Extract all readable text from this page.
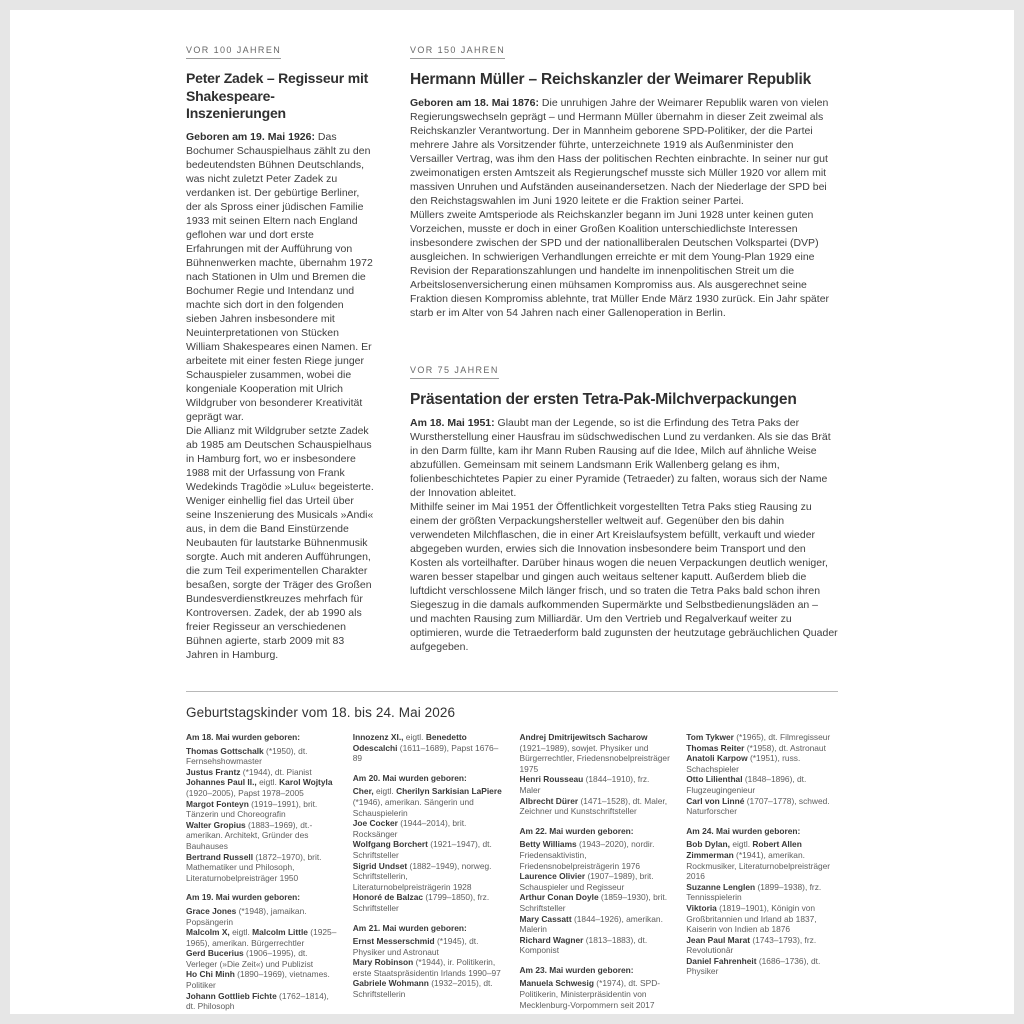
VOR 100 JAHREN
Peter Zadek – Regisseur mit Shakespeare-Inszenierungen

Geboren am 19. Mai 1926: Das Bochumer Schauspielhaus zählt zu den bedeutendsten Bühnen Deutschlands, was nicht zuletzt Peter Zadek zu verdanken ist. Der gebürtige Berliner, der als Spross einer jüdischen Familie 1933 mit seinen Eltern nach England geflohen war und dort erste Erfahrungen mit der Aufführung von Bühnenwerken machte, übernahm 1972 nach Stationen in Ulm und Bremen die Bochumer Regie und Intendanz und machte sich dort in den folgenden sieben Jahren insbesondere mit Neuinterpretationen von Stücken William Shakespeares einen Namen. Er arbeitete mit einer festen Riege junger Schauspieler zusammen, wobei die kongeniale Kooperation mit Ulrich Wildgruber von besonderer Kreativität geprägt war.

Die Allianz mit Wildgruber setzte Zadek ab 1985 am Deutschen Schauspielhaus in Hamburg fort, wo er insbesondere 1988 mit der Urfassung von Frank Wedekinds Tragödie »Lulu« begeisterte. Weniger einhellig fiel das Urteil über seine Inszenierung des Musicals »Andi« aus, in dem die Band Einstürzende Neubauten für lautstarke Bühnenmusik sorgte. Auch mit anderen Aufführungen, die zum Teil experimentellen Charakter besaßen, sorgte der Träger des Großen Bundesverdienstkreuzes mehrfach für Kontroversen. Zadek, der ab 1990 als freier Regisseur an verschiedenen Bühnen agierte, starb 2009 mit 83 Jahren in Hamburg.

VOR 150 JAHREN
Hermann Müller – Reichskanzler der Weimarer Republik

Geboren am 18. Mai 1876: Die unruhigen Jahre der Weimarer Republik waren von vielen Regierungswechseln geprägt – und Hermann Müller übernahm in dieser Zeit zweimal als Reichskanzler Verantwortung. Der in Mannheim geborene SPD-Politiker, der die Partei mehrere Jahre als Vorsitzender führte, unterzeichnete 1919 als Außenminister den Versailler Vertrag, was ihm den Hass der politischen Rechten einbrachte. In seiner nur gut zweimonatigen ersten Amtszeit als Regierungschef musste sich Müller 1920 vor allem mit massiven Unruhen und Aufständen auseinandersetzen. Nach der Niederlage der SPD bei den Reichstagswahlen im Juni 1920 leitete er die Fraktion seiner Partei.

Müllers zweite Amtsperiode als Reichskanzler begann im Juni 1928 unter keinen guten Vorzeichen, musste er doch in einer Großen Koalition unterschiedlichste Interessen insbesondere zwischen der SPD und der nationalliberalen Deutschen Volkspartei (DVP) ausgleichen. In schwierigen Verhandlungen erreichte er mit dem Young-Plan 1929 eine Revision der Reparationszahlungen und handelte im innenpolitischen Streit um die Arbeitslosenversicherung einen mühsamen Kompromiss aus. Als ausgerechnet seine Fraktion diesen Kompromiss ablehnte, trat Müller Ende März 1930 zurück. Ein Jahr später starb er im Alter von 54 Jahren nach einer Gallenoperation in Berlin.

VOR 75 JAHREN
Präsentation der ersten Tetra-Pak-Milchverpackungen

Am 18. Mai 1951: Glaubt man der Legende, so ist die Erfindung des Tetra Paks der Wurstherstellung einer Hausfrau im südschwedischen Lund zu verdanken. Als sie das Brät in den Darm füllte, kam ihr Mann Ruben Rausing auf die Idee, Milch auf ähnliche Weise abzufüllen. Gemeinsam mit seinem Landsmann Erik Wallenberg gelang es ihm, folienbeschichtetes Papier zu einer Pyramide (Tetraeder) zu falten, woraus sich der Name der Innovation ableitet.

Mithilfe seiner im Mai 1951 der Öffentlichkeit vorgestellten Tetra Paks stieg Rausing zu einem der größten Verpackungshersteller weltweit auf. Gegenüber den bis dahin verwendeten Milchflaschen, die in einer Art Kreislaufsystem befüllt, verkauft und wieder abgegeben wurden, erwies sich die Innovation insbesondere beim Transport und den Kosten als vorteilhafter. Darüber hinaus wogen die neuen Verpackungen deutlich weniger, waren besser stapelbar und gingen auch weitaus seltener kaputt. Außerdem blieb die luftdicht verschlossene Milch länger frisch, und so traten die Tetra Paks bald schon ihren Siegeszug in die damals aufkommenden Supermärkte und Selbstbedienungsläden an – und machten Rausing zum Milliardär. Um den Vertrieb und Regalverkauf weiter zu optimieren, wurde die Tetraederform bald zugunsten der heutzutage gebräuchlichen Quader aufgegeben.

Geburtstagskinder vom 18. bis 24. Mai 2026
Am 18. Mai wurden geboren:
Thomas Gottschalk (*1950), dt. Fernsehshowmaster
Justus Frantz (*1944), dt. Pianist
Johannes Paul II., eigtl. Karol Wojtyla (1920–2005), Papst 1978–2005
Margot Fonteyn (1919–1991), brit. Tänzerin und Choreografin
Walter Gropius (1883–1969), dt.-amerikan. Architekt, Gründer des Bauhauses
Bertrand Russell (1872–1970), brit. Mathematiker und Philosoph, Literaturnobelpreisträger 1950
Am 19. Mai wurden geboren:
Grace Jones (*1948), jamaikan. Popsängerin
Malcolm X, eigtl. Malcolm Little (1925–1965), amerikan. Bürgerrechtler
Gerd Bucerius (1906–1995), dt. Verleger (»Die Zeit«) und Publizist
Ho Chi Minh (1890–1969), vietnames. Politiker
Johann Gottlieb Fichte (1762–1814), dt. Philosoph
Innozenz XI., eigtl. Benedetto Odescalchi (1611–1689), Papst 1676–89
Am 20. Mai wurden geboren:
Cher, eigtl. Cherilyn Sarkisian LaPiere (*1946), amerikan. Sängerin und Schauspielerin
Joe Cocker (1944–2014), brit. Rocksänger
Wolfgang Borchert (1921–1947), dt. Schriftsteller
Sigrid Undset (1882–1949), norweg. Schriftstellerin, Literaturnobelpreisträgerin 1928
Honoré de Balzac (1799–1850), frz. Schriftsteller
Am 21. Mai wurden geboren:
Ernst Messerschmid (*1945), dt. Physiker und Astronaut
Mary Robinson (*1944), ir. Politikerin, erste Staatspräsidentin Irlands 1990–97
Gabriele Wohmann (1932–2015), dt. Schriftstellerin
Andrej Dmitrijewitsch Sacharow (1921–1989), sowjet. Physiker und Bürgerrechtler, Friedensnobelpreisträger 1975
Henri Rousseau (1844–1910), frz. Maler
Albrecht Dürer (1471–1528), dt. Maler, Zeichner und Kunstschriftsteller
Am 22. Mai wurden geboren:
Betty Williams (1943–2020), nordir. Friedensaktivistin, Friedensnobelpreisträgerin 1976
Laurence Olivier (1907–1989), brit. Schauspieler und Regisseur
Arthur Conan Doyle (1859–1930), brit. Schriftsteller
Mary Cassatt (1844–1926), amerikan. Malerin
Richard Wagner (1813–1883), dt. Komponist
Am 23. Mai wurden geboren:
Manuela Schwesig (*1974), dt. SPD-Politikerin, Ministerpräsidentin von Mecklenburg-Vorpommern seit 2017
Tom Tykwer (*1965), dt. Filmregisseur
Thomas Reiter (*1958), dt. Astronaut
Anatoli Karpow (*1951), russ. Schachspieler
Otto Lilienthal (1848–1896), dt. Flugzeugingenieur
Carl von Linné (1707–1778), schwed. Naturforscher
Am 24. Mai wurden geboren:
Bob Dylan, eigtl. Robert Allen Zimmerman (*1941), amerikan. Rockmusiker, Literaturnobelpreisträger 2016
Suzanne Lenglen (1899–1938), frz. Tennisspielerin
Viktoria (1819–1901), Königin von Großbritannien und Irland ab 1837, Kaiserin von Indien ab 1876
Jean Paul Marat (1743–1793), frz. Revolutionär
Daniel Fahrenheit (1686–1736), dt. Physiker
